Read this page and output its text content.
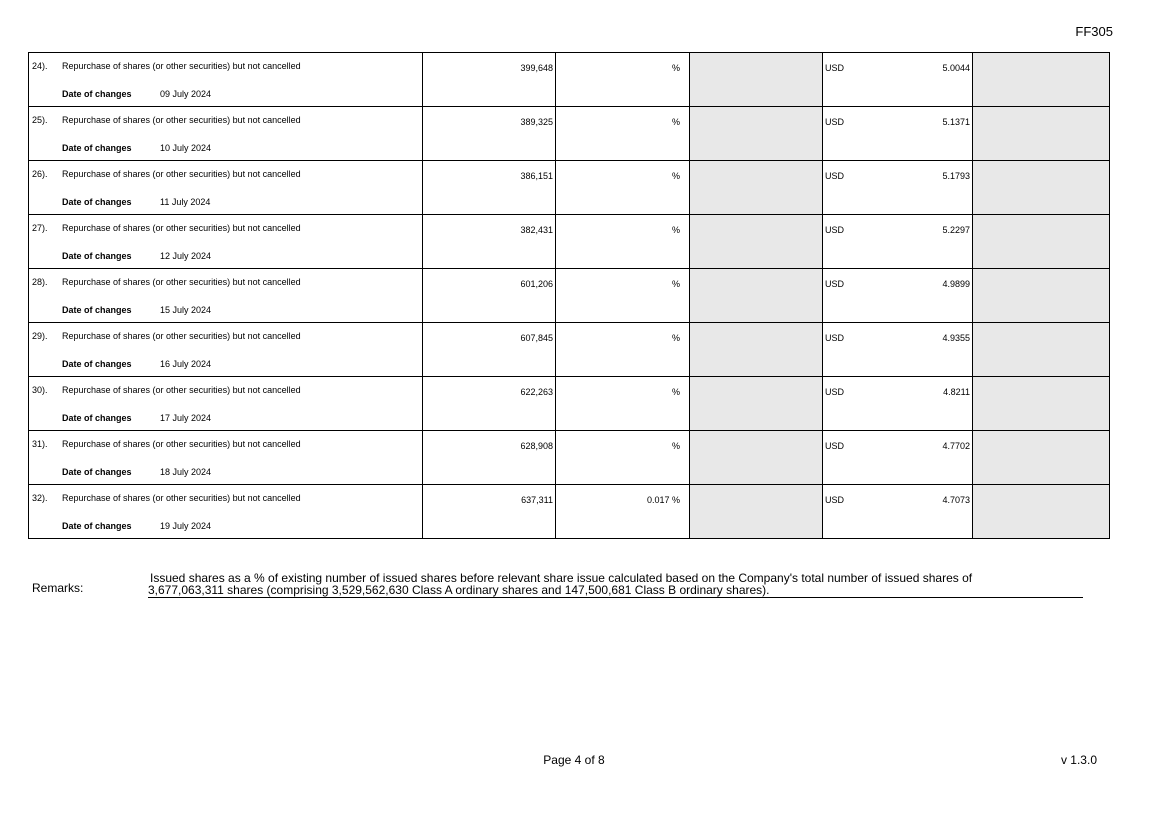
FF305
24). Repurchase of shares (or other securities) but not cancelled
Date of changes 09 July 2024	399,648	%		USD 5.0044	

25). Repurchase of shares (or other securities) but not cancelled
Date of changes 10 July 2024	389,325	%		USD 5.1371	

26). Repurchase of shares (or other securities) but not cancelled
Date of changes 11 July 2024	386,151	%		USD 5.1793	

27). Repurchase of shares (or other securities) but not cancelled
Date of changes 12 July 2024	382,431	%		USD 5.2297	

28). Repurchase of shares (or other securities) but not cancelled
Date of changes 15 July 2024	601,206	%		USD 4.9899	

29). Repurchase of shares (or other securities) but not cancelled
Date of changes 16 July 2024	607,845	%		USD 4.9355	

30). Repurchase of shares (or other securities) but not cancelled
Date of changes 17 July 2024	622,263	%		USD 4.8211	

31). Repurchase of shares (or other securities) but not cancelled
Date of changes 18 July 2024	628,908	%		USD 4.7702	

32). Repurchase of shares (or other securities) but not cancelled
Date of changes 19 July 2024	637,311	0.017 %		USD 4.7073	

Remarks:
Issued shares as a % of existing number of issued shares before relevant share issue calculated based on the Company's total number of issued shares of
3,677,063,311 shares (comprising 3,529,562,630 Class A ordinary shares and 147,500,681 Class B ordinary shares).
Page 4 of 8	v 1.3.0
